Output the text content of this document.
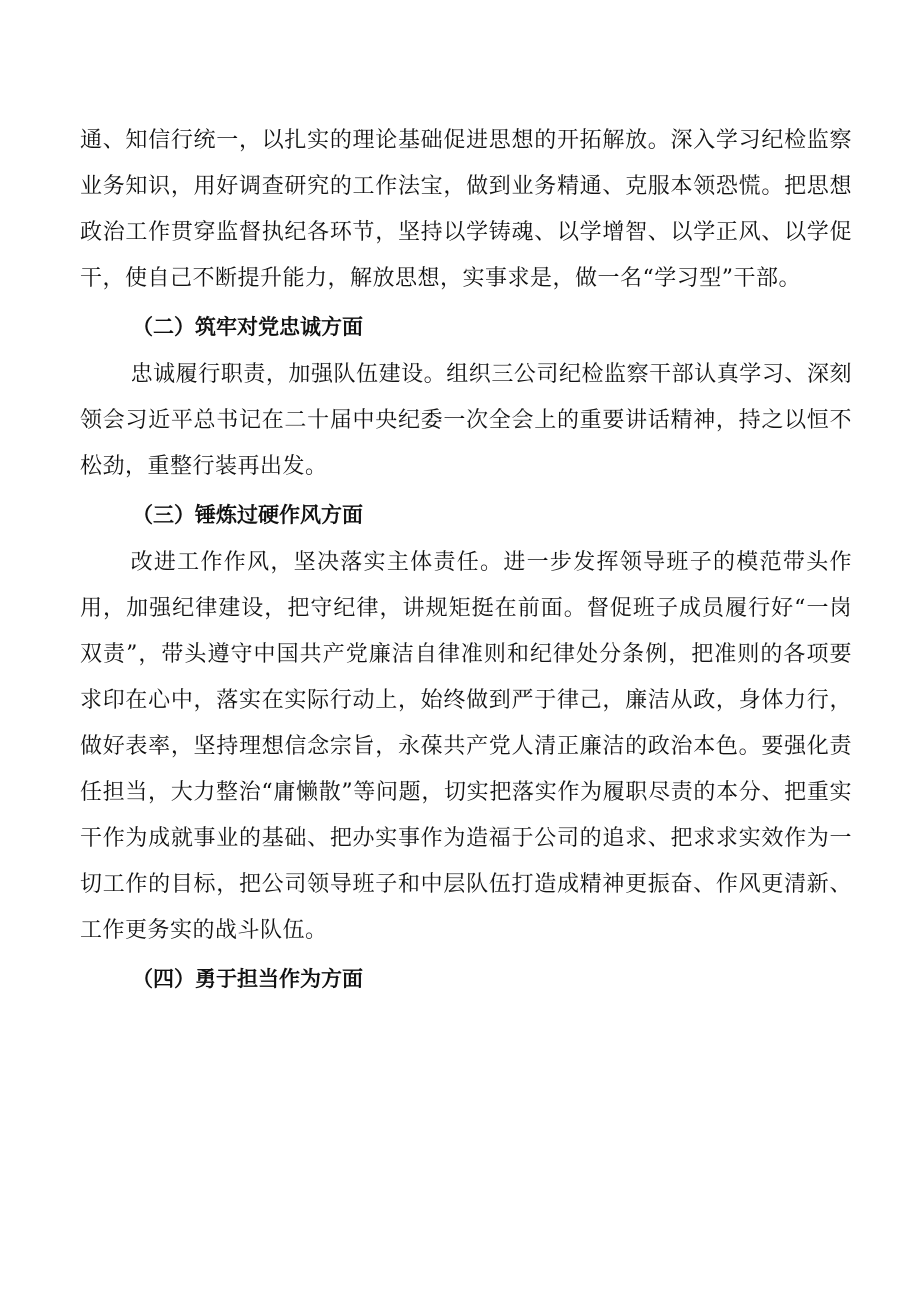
通、知信行统一，以扎实的理论基础促进思想的开拓解放。深入学习纪检监察业务知识，用好调查研究的工作法宝，做到业务精通、克服本领恐慌。把思想政治工作贯穿监督执纪各环节，坚持以学铸魂、以学增智、以学正风、以学促干，使自己不断提升能力，解放思想，实事求是，做一名“学习型”干部。

（二）筑牢对党忠诚方面

忠诚履行职责，加强队伍建设。组织三公司纪检监察干部认真学习、深刻领会习近平总书记在二十届中央纪委一次全会上的重要讲话精神，持之以恒不松劲，重整行装再出发。

（三）锤炼过硬作风方面

改进工作作风，坚决落实主体责任。进一步发挥领导班子的模范带头作用，加强纪律建设，把守纪律，讲规矩挺在前面。督促班子成员履行好“一岗双责”，带头遵守中国共产党廉洁自律准则和纪律处分条例，把准则的各项要求印在心中，落实在实际行动上，始终做到严于律己，廉洁从政，身体力行，做好表率，坚持理想信念宗旨，永葆共产党人清正廉洁的政治本色。要强化责任担当，大力整治“庸懒散”等问题，切实把落实作为履职尽责的本分、把重实干作为成就事业的基础、把办实事作为造福于公司的追求、把求求实效作为一切工作的目标，把公司领导班子和中层队伍打造成精神更振奋、作风更清新、工作更务实的战斗队伍。

（四）勇于担当作为方面
